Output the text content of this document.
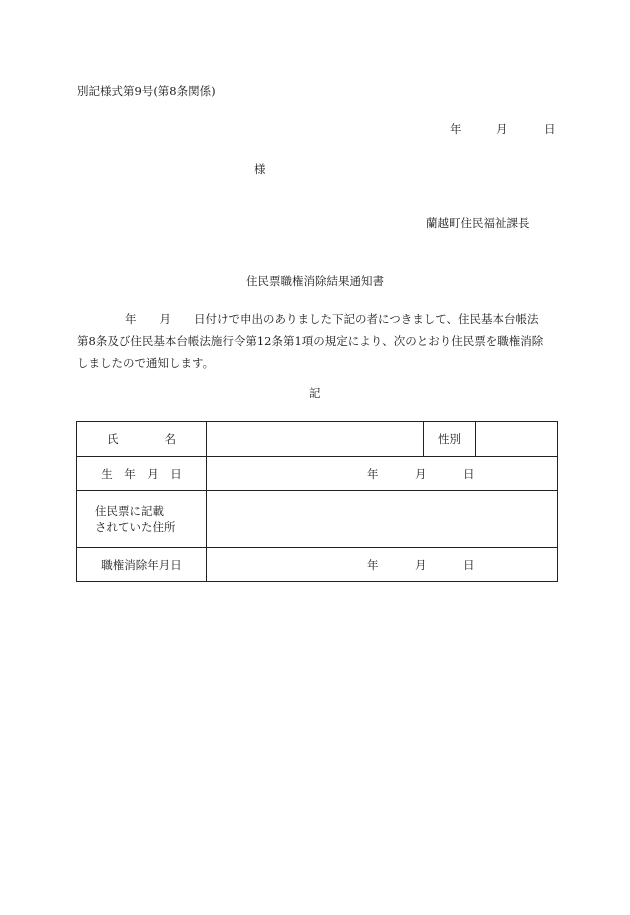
別記様式第9号(第8条関係)
年	月	日
様
蘭越町住民福祉課長
住民票職権消除結果通知書
年　　月　　日付けで申出のありました下記の者につきまして、住民基本台帳法
第8条及び住民基本台帳法施行令第12条第1項の規定により、次のとおり住民票を職権消除
しましたので通知します。
記
氏　　　　名		性別	
生　年　月　日	年 月 日		

住民票に記載
されていた住所			

職権消除年月日	年 月 日		
